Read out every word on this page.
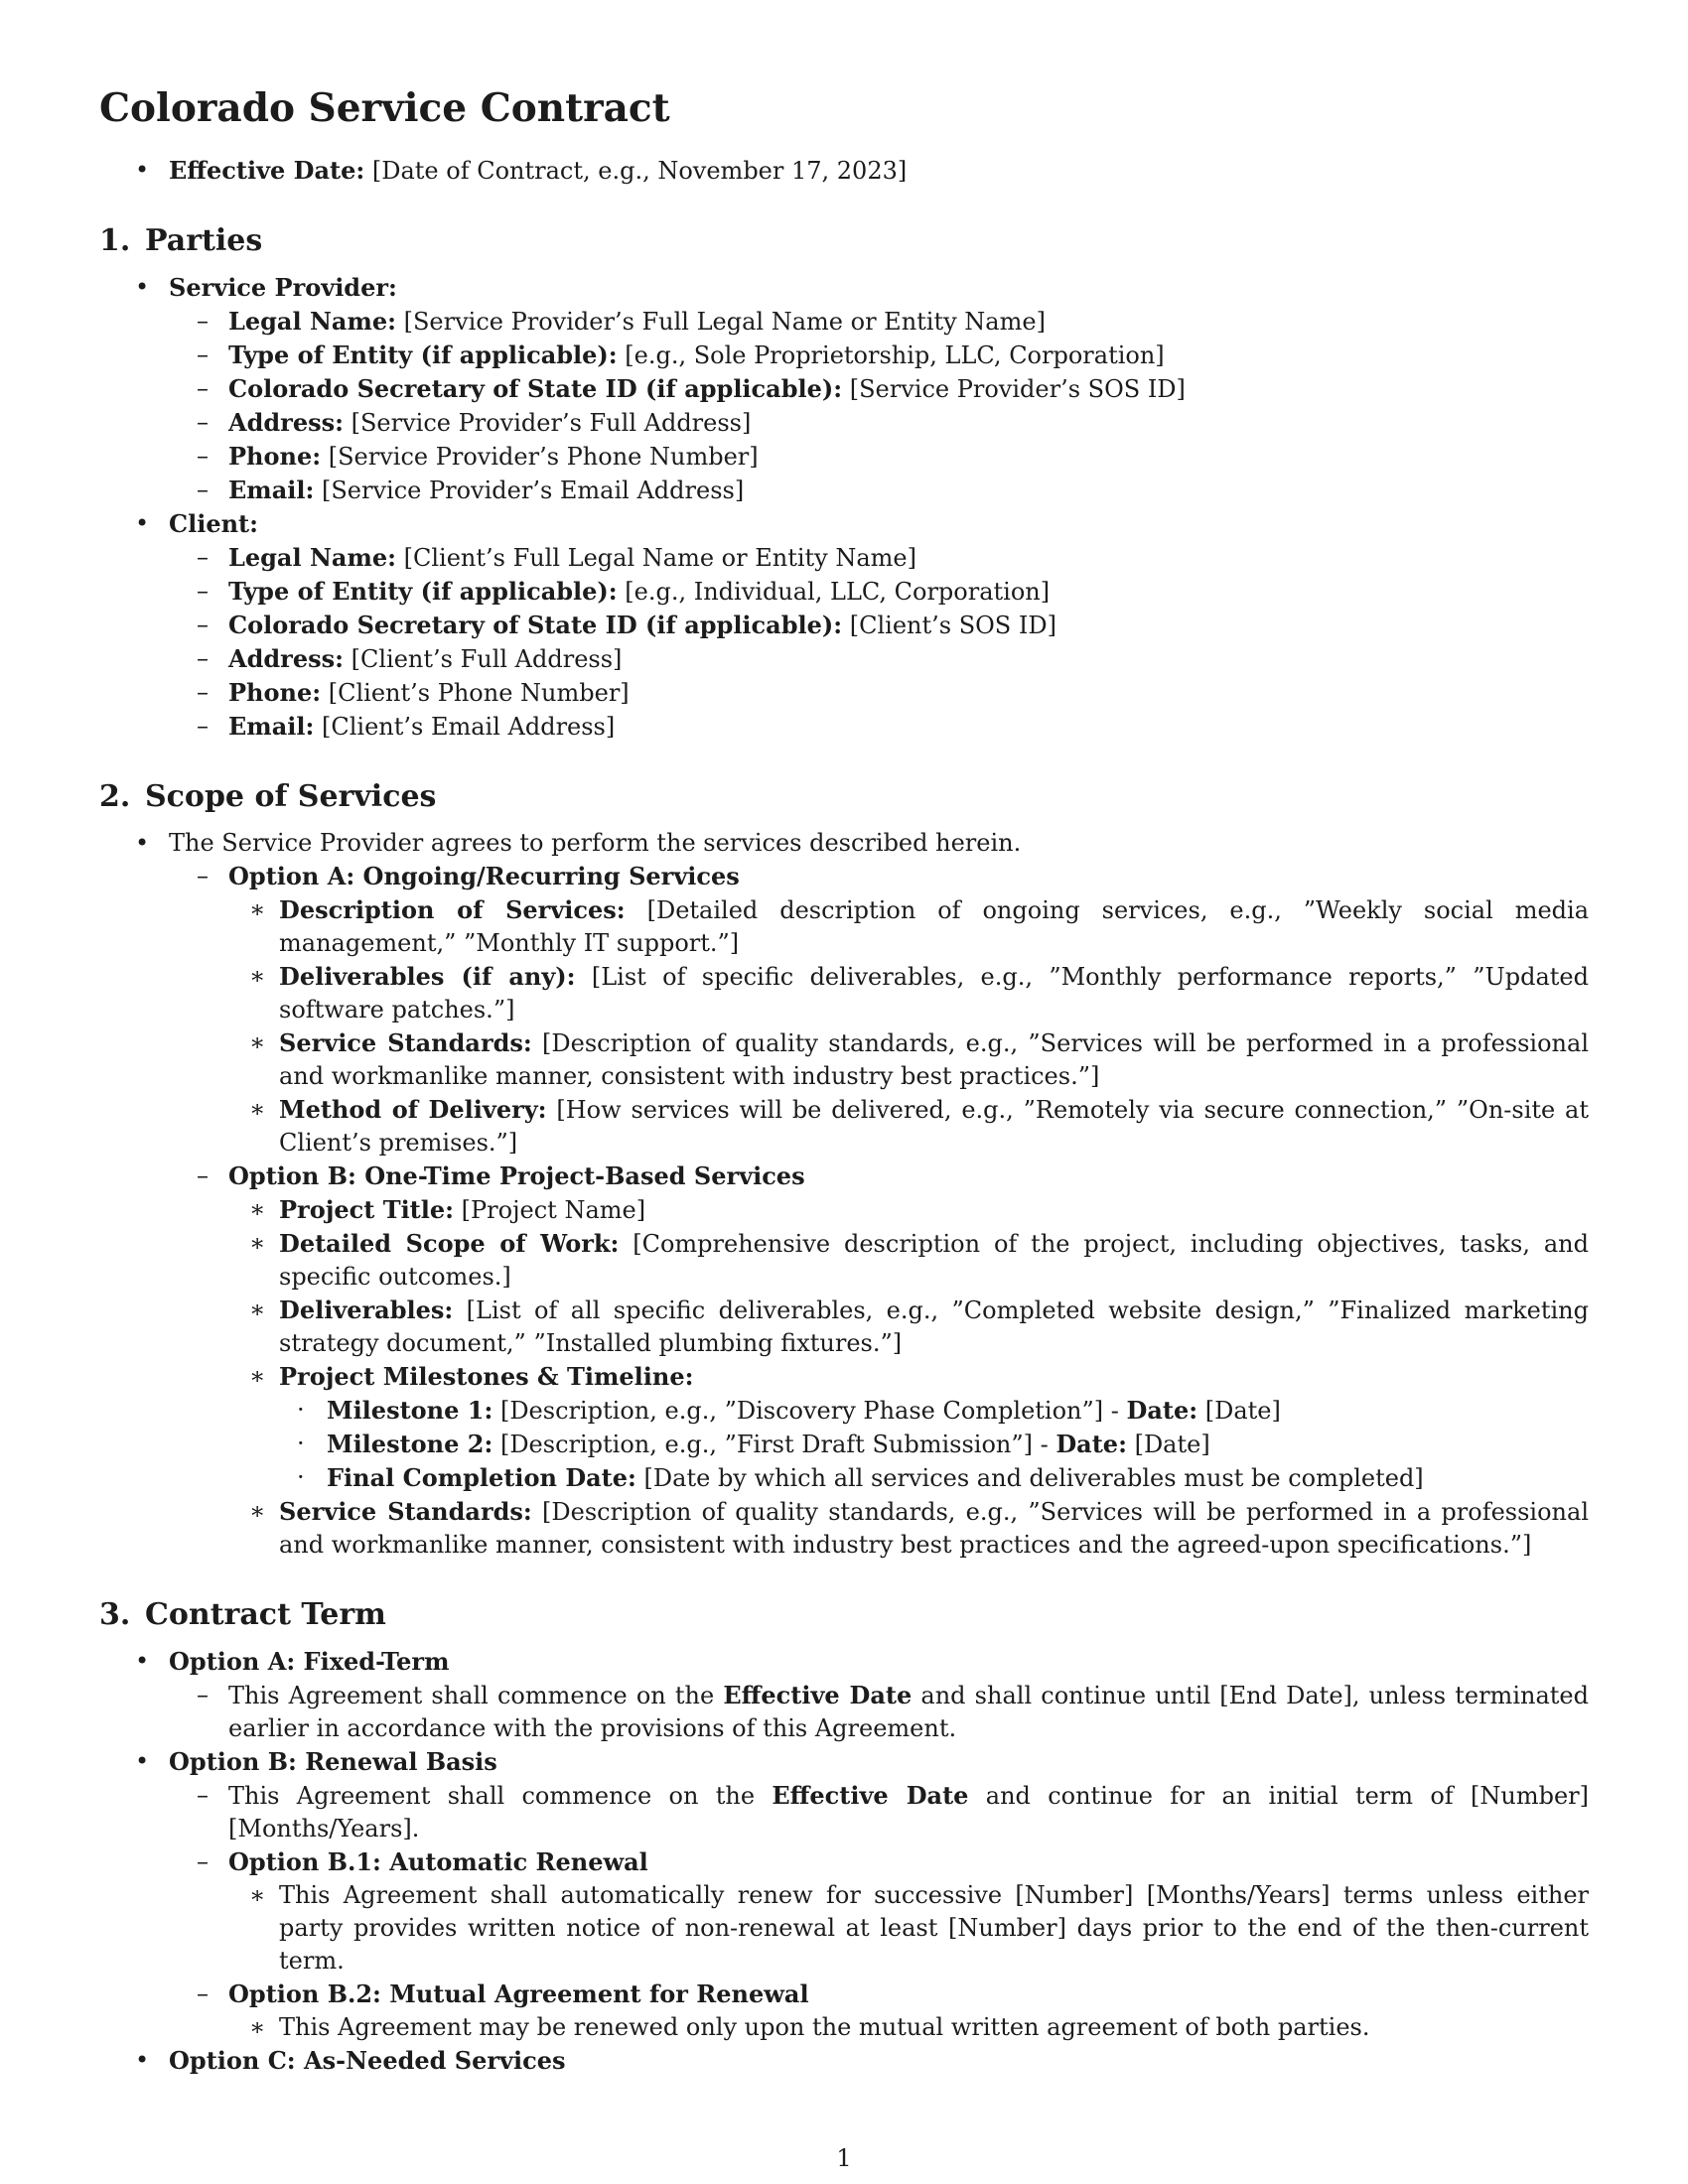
Colorado Service Contract
• Effective Date: [Date of Contract, e.g., November 17, 2023]
1. Parties
• Service Provider:
– Legal Name: [Service Provider’s Full Legal Name or Entity Name]
– Type of Entity (if applicable): [e.g., Sole Proprietorship, LLC, Corporation]
– Colorado Secretary of State ID (if applicable): [Service Provider’s SOS ID]
– Address: [Service Provider’s Full Address]
– Phone: [Service Provider’s Phone Number]
– Email: [Service Provider’s Email Address]
• Client:
– Legal Name: [Client’s Full Legal Name or Entity Name]
– Type of Entity (if applicable): [e.g., Individual, LLC, Corporation]
– Colorado Secretary of State ID (if applicable): [Client’s SOS ID]
– Address: [Client’s Full Address]
– Phone: [Client’s Phone Number]
– Email: [Client’s Email Address]
2. Scope of Services
• The Service Provider agrees to perform the services described herein.
– Option A: Ongoing/Recurring Services
∗ Description of Services: [Detailed description of ongoing services, e.g., ”Weekly social media management,” ”Monthly IT support.”]
∗ Deliverables (if any): [List of specific deliverables, e.g., ”Monthly performance reports,” ”Updated software patches.”]
∗ Service Standards: [Description of quality standards, e.g., ”Services will be performed in a professional and workmanlike manner, consistent with industry best practices.”]
∗ Method of Delivery: [How services will be delivered, e.g., ”Remotely via secure connection,” ”On-site at Client’s premises.”]
– Option B: One-Time Project-Based Services
∗ Project Title: [Project Name]
∗ Detailed Scope of Work: [Comprehensive description of the project, including objectives, tasks, and specific outcomes.]
∗ Deliverables: [List of all specific deliverables, e.g., ”Completed website design,” ”Finalized marketing strategy document,” ”Installed plumbing fixtures.”]
∗ Project Milestones & Timeline:
· Milestone 1: [Description, e.g., ”Discovery Phase Completion”] - Date: [Date]
· Milestone 2: [Description, e.g., ”First Draft Submission”] - Date: [Date]
· Final Completion Date: [Date by which all services and deliverables must be completed]
∗ Service Standards: [Description of quality standards, e.g., ”Services will be performed in a professional and workmanlike manner, consistent with industry best practices and the agreed-upon specifications.”]
3. Contract Term
• Option A: Fixed-Term
– This Agreement shall commence on the Effective Date and shall continue until [End Date], unless terminated earlier in accordance with the provisions of this Agreement.
• Option B: Renewal Basis
– This Agreement shall commence on the Effective Date and continue for an initial term of [Number] [Months/Years].
– Option B.1: Automatic Renewal
∗ This Agreement shall automatically renew for successive [Number] [Months/Years] terms unless either party provides written notice of non-renewal at least [Number] days prior to the end of the then-current term.
– Option B.2: Mutual Agreement for Renewal
∗ This Agreement may be renewed only upon the mutual written agreement of both parties.
• Option C: As-Needed Services
1
